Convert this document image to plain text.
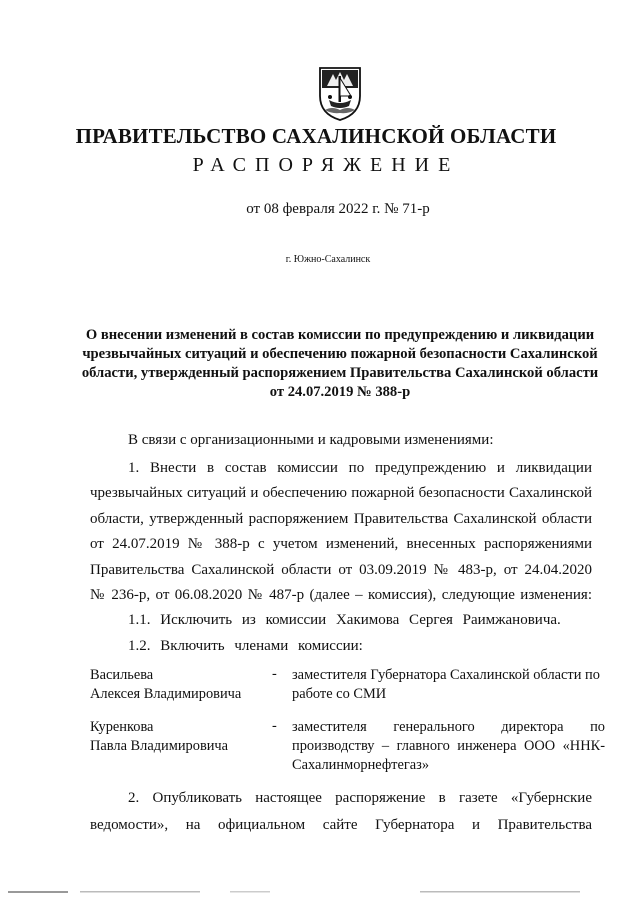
ПРАВИТЕЛЬСТВО САХАЛИНСКОЙ ОБЛАСТИ
РАСПОРЯЖЕНИЕ
от 08 февраля 2022 г. № 71-р
г. Южно-Сахалинск
О внесении изменений в состав комиссии по предупреждению и ликвидации чрезвычайных ситуаций и обеспечению пожарной безопасности Сахалинской области, утвержденный распоряжением Правительства Сахалинской области от 24.07.2019 № 388-р
В связи с организационными и кадровыми изменениями:
1. Внести в состав комиссии по предупреждению и ликвидации
чрезвычайных ситуаций и обеспечению пожарной безопасности Сахалинской
области, утвержденный распоряжением Правительства Сахалинской области
от 24.07.2019 № 388-р с учетом изменений, внесенных распоряжениями
Правительства Сахалинской области от 03.09.2019 № 483-р, от 24.04.2020
№ 236-р, от 06.08.2020 № 487-р (далее – комиссия), следующие изменения:
1.1. Исключить из комиссии Хакимова Сергея Раимжановича.
1.2. Включить членами комиссии:
Васильева
Алексея Владимировича
- заместителя Губернатора Сахалинской области по работе со СМИ
Куренкова
Павла Владимировича
- заместителя генерального директора по производству – главного инженера ООО «ННК-Сахалинморнефтегаз»
2. Опубликовать настоящее распоряжение в газете «Губернские
ведомости», на официальном сайте Губернатора и Правительства
